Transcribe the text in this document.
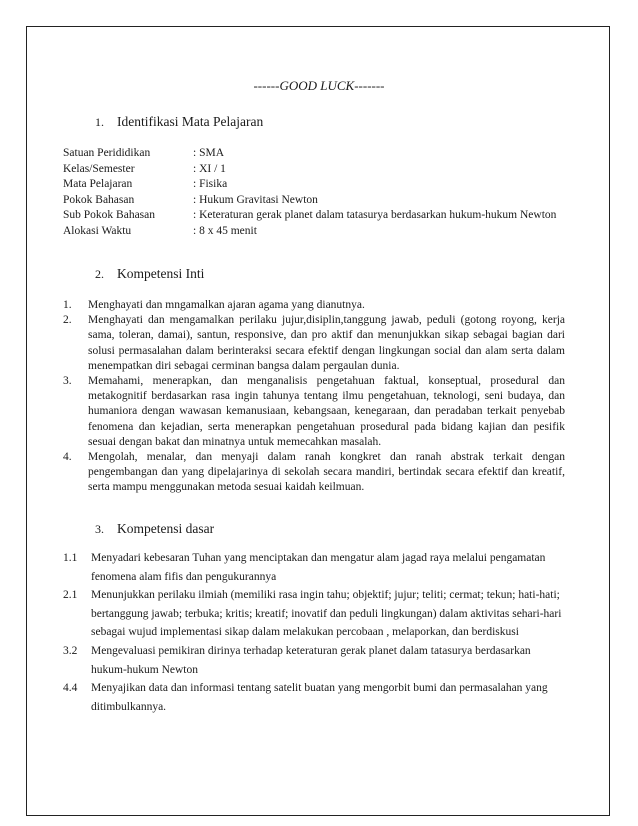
------GOOD LUCK-------
1. Identifikasi Mata Pelajaran
Satuan Perididikan	: SMA
Kelas/Semester	: XI / 1
Mata Pelajaran	: Fisika
Pokok Bahasan	: Hukum Gravitasi Newton
Sub Pokok Bahasan	: Keteraturan gerak planet dalam tatasurya berdasarkan hukum-hukum Newton
Alokasi Waktu	: 8 x 45 menit
2. Kompetensi Inti
1.	Menghayati dan mngamalkan ajaran agama yang dianutnya.
2.	Menghayati dan mengamalkan perilaku jujur,disiplin,tanggung jawab, peduli (gotong royong, kerja sama, toleran, damai), santun, responsive, dan pro aktif dan menunjukkan sikap sebagai bagian dari solusi permasalahan dalam berinteraksi secara efektif dengan lingkungan social dan alam serta dalam menempatkan diri sebagai cerminan bangsa dalam pergaulan dunia.
3.	Memahami, menerapkan, dan menganalisis pengetahuan faktual, konseptual, prosedural dan metakognitif berdasarkan rasa ingin tahunya tentang ilmu pengetahuan, teknologi, seni budaya, dan humaniora dengan wawasan kemanusiaan, kebangsaan, kenegaraan, dan peradaban terkait penyebab fenomena dan kejadian, serta menerapkan pengetahuan prosedural pada bidang kajian dan pesifik sesuai dengan bakat dan minatnya untuk memecahkan masalah.
4.	Mengolah, menalar, dan menyaji dalam ranah kongkret dan ranah abstrak terkait dengan pengembangan dan yang dipelajarinya di sekolah secara mandiri, bertindak secara efektif dan kreatif, serta mampu menggunakan metoda sesuai kaidah keilmuan.
3. Kompetensi dasar
1.1	Menyadari kebesaran Tuhan yang menciptakan dan mengatur alam jagad raya melalui pengamatan fenomena alam fifis dan pengukurannya
2.1	Menunjukkan perilaku ilmiah (memiliki rasa ingin tahu; objektif; jujur; teliti; cermat; tekun; hati-hati; bertanggung jawab; terbuka; kritis; kreatif; inovatif dan peduli lingkungan) dalam aktivitas sehari-hari sebagai wujud implementasi sikap dalam melakukan percobaan , melaporkan, dan berdiskusi
3.2	Mengevaluasi pemikiran dirinya terhadap keteraturan gerak planet dalam tatasurya berdasarkan hukum-hukum Newton
4.4	Menyajikan data dan informasi tentang satelit buatan yang mengorbit bumi dan permasalahan yang ditimbulkannya.
